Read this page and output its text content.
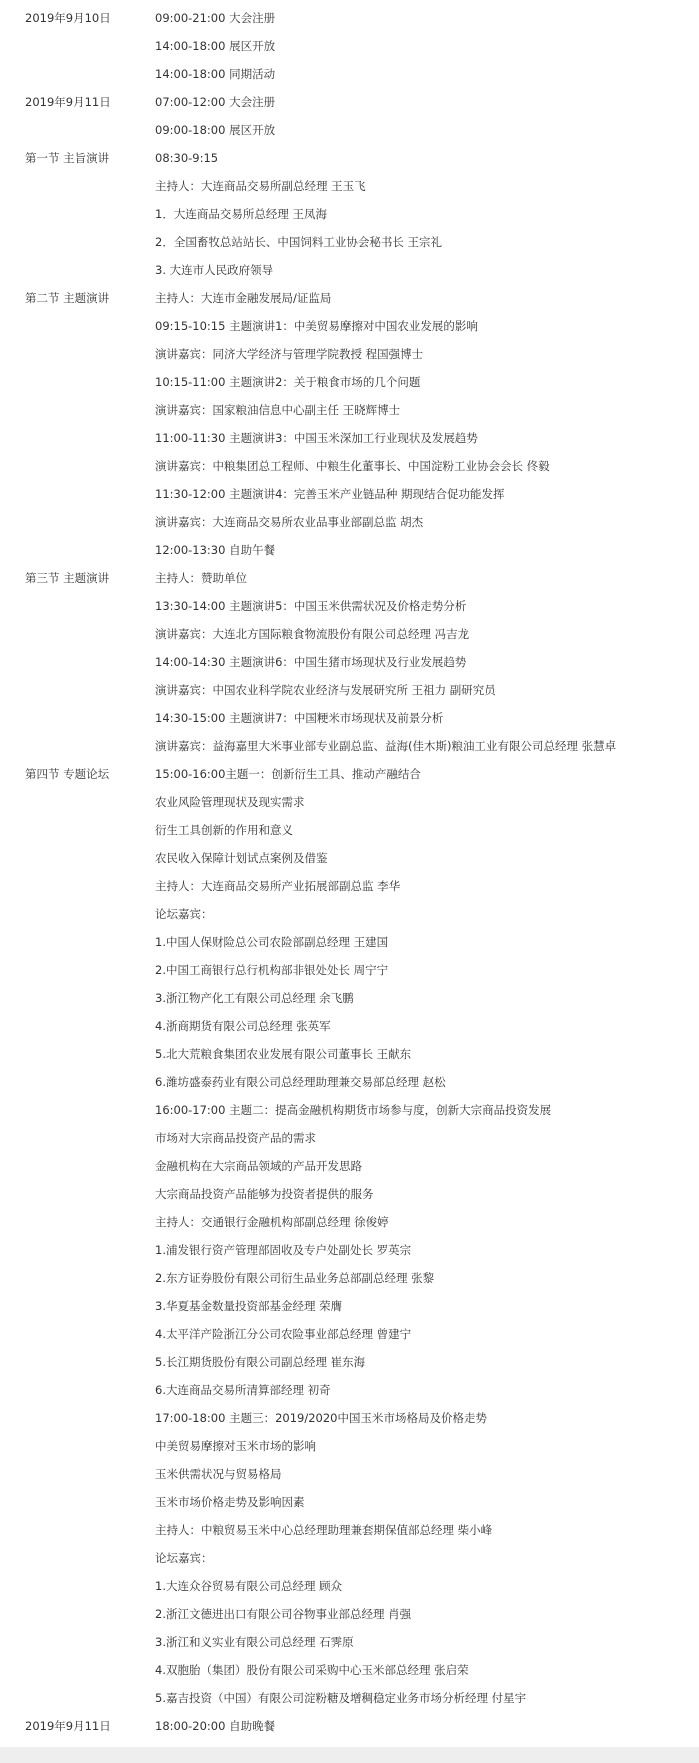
2019年9月10日	09:00-21:00 大会注册
14:00-18:00 展区开放
14:00-18:00 同期活动
2019年9月11日	07:00-12:00 大会注册
09:00-18:00 展区开放
第一节 主旨演讲	08:30-9:15
主持人：大连商品交易所副总经理 王玉飞
1．大连商品交易所总经理 王凤海
2．全国畜牧总站站长、中国饲料工业协会秘书长 王宗礼
3. 大连市人民政府领导
第二节 主题演讲	主持人：大连市金融发展局/证监局
09:15-10:15 主题演讲1：中美贸易摩擦对中国农业发展的影响
演讲嘉宾：同济大学经济与管理学院教授 程国强博士
10:15-11:00 主题演讲2：关于粮食市场的几个问题
演讲嘉宾：国家粮油信息中心副主任 王晓辉博士
11:00-11:30 主题演讲3：中国玉米深加工行业现状及发展趋势
演讲嘉宾：中粮集团总工程师、中粮生化董事长、中国淀粉工业协会会长 佟毅
11:30-12:00 主题演讲4：完善玉米产业链品种 期现结合促功能发挥
演讲嘉宾：大连商品交易所农业品事业部副总监 胡杰
12:00-13:30 自助午餐
第三节 主题演讲	主持人：赞助单位
13:30-14:00 主题演讲5：中国玉米供需状况及价格走势分析
演讲嘉宾：大连北方国际粮食物流股份有限公司总经理 冯吉龙
14:00-14:30 主题演讲6：中国生猪市场现状及行业发展趋势
演讲嘉宾：中国农业科学院农业经济与发展研究所 王祖力 副研究员
14:30-15:00 主题演讲7：中国粳米市场现状及前景分析
演讲嘉宾：益海嘉里大米事业部专业副总监、益海(佳木斯)粮油工业有限公司总经理 张慧卓
第四节 专题论坛	15:00-16:00主题一：创新衍生工具、推动产融结合
农业风险管理现状及现实需求
衍生工具创新的作用和意义
农民收入保障计划试点案例及借鉴
主持人：大连商品交易所产业拓展部副总监 李华
论坛嘉宾：
1.中国人保财险总公司农险部副总经理 王建国
2.中国工商银行总行机构部非银处处长 周宁宁
3.浙江物产化工有限公司总经理 余飞鹏
4.浙商期货有限公司总经理 张英军
5.北大荒粮食集团农业发展有限公司董事长 王献东
6.潍坊盛泰药业有限公司总经理助理兼交易部总经理 赵松
16:00-17:00 主题二：提高金融机构期货市场参与度，创新大宗商品投资发展
市场对大宗商品投资产品的需求
金融机构在大宗商品领域的产品开发思路
大宗商品投资产品能够为投资者提供的服务
主持人：交通银行金融机构部副总经理 徐俊婷
1.浦发银行资产管理部固收及专户处副处长 罗英宗
2.东方证券股份有限公司衍生品业务总部副总经理 张黎
3.华夏基金数量投资部基金经理 荣膺
4.太平洋产险浙江分公司农险事业部总经理 曾建宁
5.长江期货股份有限公司副总经理 崔东海
6.大连商品交易所清算部经理 初奇
17:00-18:00 主题三：2019/2020中国玉米市场格局及价格走势
中美贸易摩擦对玉米市场的影响
玉米供需状况与贸易格局
玉米市场价格走势及影响因素
主持人：中粮贸易玉米中心总经理助理兼套期保值部总经理 柴小峰
论坛嘉宾：
1.大连众谷贸易有限公司总经理 顾众
2.浙江文德进出口有限公司谷物事业部总经理 肖强
3.浙江和义实业有限公司总经理 石霁原
4.双胞胎（集团）股份有限公司采购中心玉米部总经理 张启荣
5.嘉吉投资（中国）有限公司淀粉糖及增稠稳定业务市场分析经理 付星宇
2019年9月11日	18:00-20:00 自助晚餐
